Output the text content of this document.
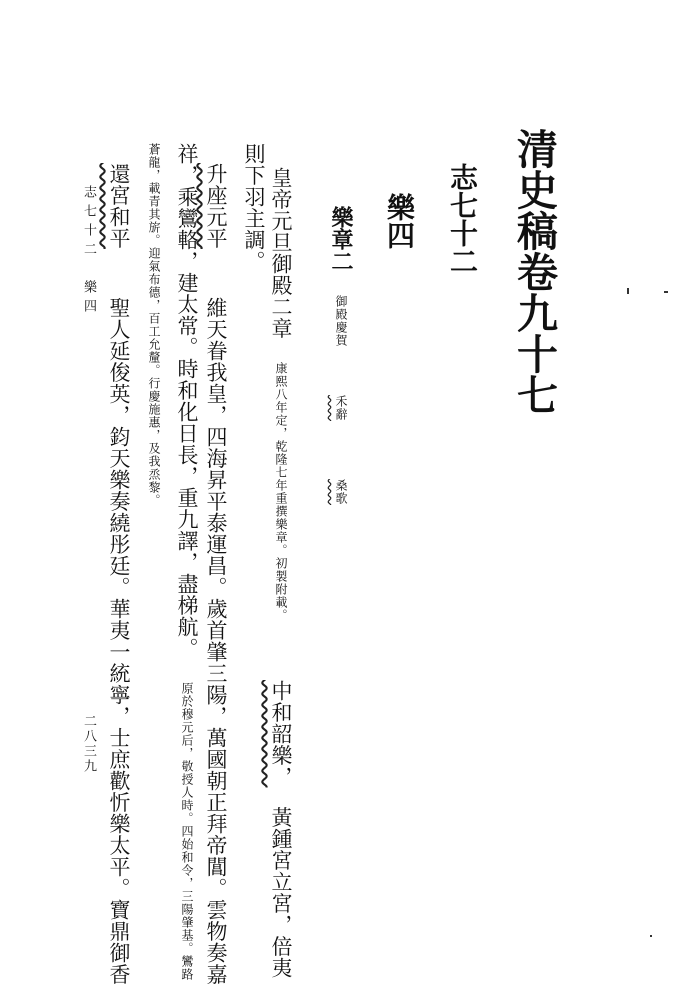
清史稿卷九十七
志七十二
樂四
樂章二 御殿慶賀  禾辭  桑歌
皇帝元旦御殿二章 康熙八年定，乾隆七年重撰樂章。初製附載。  中和韶樂， 黃鍾宮立宮，倍夷
則下羽主調。
升座元平  維天眷我皇，四海昇平泰運昌。歲首肇三陽，萬國朝正拜帝閶。雲物奏嘉
祥，乘鸞輅，建太常。時和化日長，重九譯，盡梯航。 原於穆元后，敬授人時。四始和令，三陽肇基。鸞路
蒼龍，載青其旂。迎氣布德，百工允釐。行慶施惠，及我烝黎。
還宮和平  聖人延俊英，鈞天樂奏繞彤廷。華夷一統寧，士庶歡忻樂太平。寶鼎御香
志七十二　樂四
二八三九
